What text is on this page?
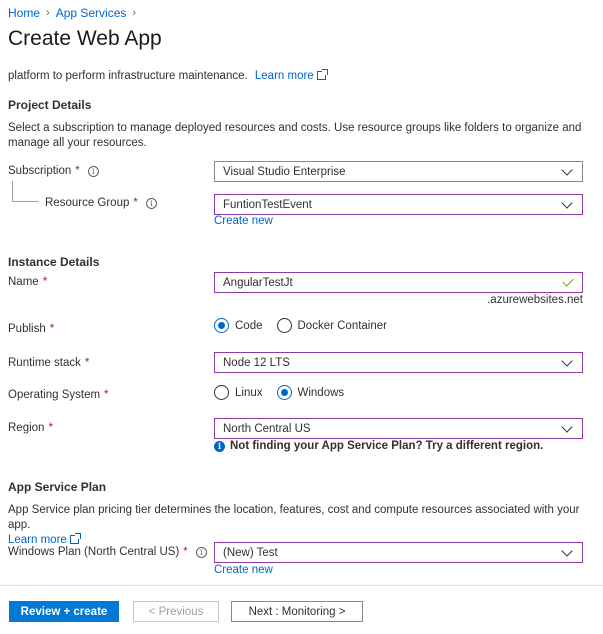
Home › App Services ›
Create Web App
platform to perform infrastructure maintenance. Learn more
Project Details
Select a subscription to manage deployed resources and costs. Use resource groups like folders to organize and manage all your resources.
Subscription *	i	Visual Studio Enterprise
Resource Group *	i	FuntionTestEvent
Create new
Instance Details
Name *	AngularTestJt
.azurewebsites.net
Publish *	Code	Docker Container
Runtime stack *	Node 12 LTS
Operating System *	Linux	Windows
Region *	North Central US
i Not finding your App Service Plan? Try a different region.
App Service Plan
App Service plan pricing tier determines the location, features, cost and compute resources associated with your app.
Learn more
Windows Plan (North Central US) *	i	(New) Test
Create new
Review + create	< Previous	Next : Monitoring >
